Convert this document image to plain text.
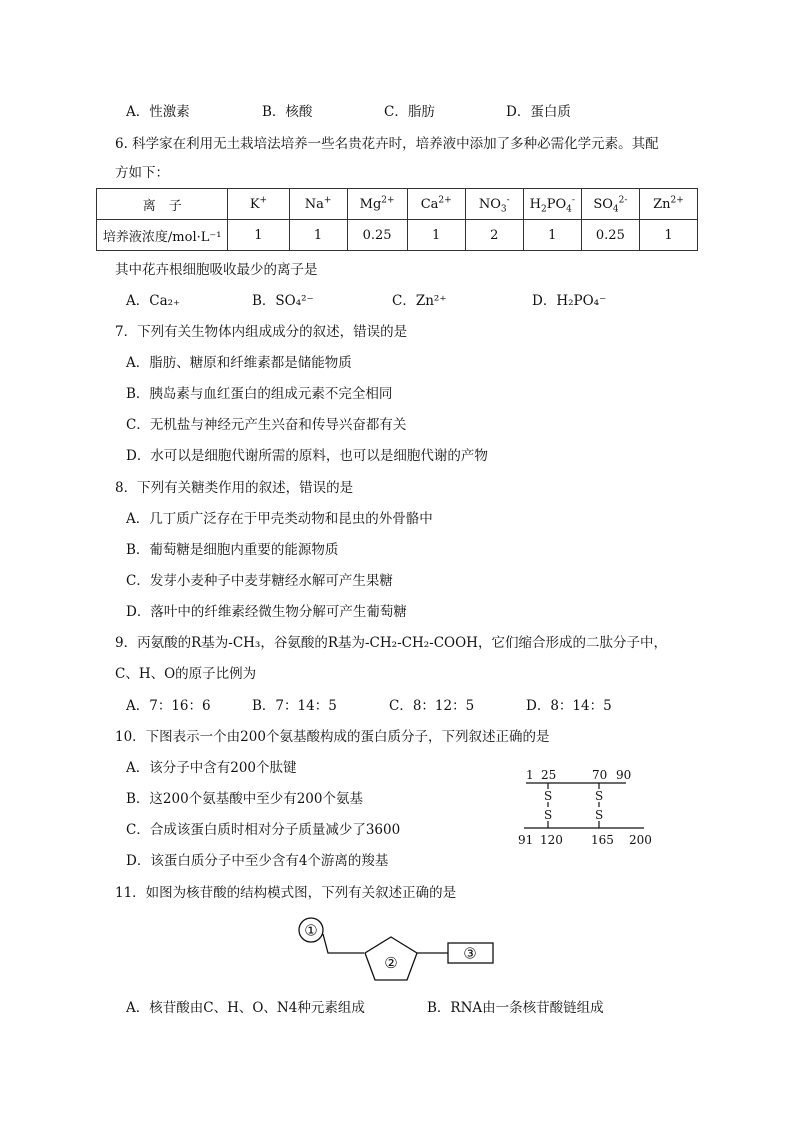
A．性激素	B．核酸	C．脂肪	D．蛋白质
6. 科学家在利用无土栽培法培养一些名贵花卉时，培养液中添加了多种必需化学元素。其配
方如下：
离　子	K+	Na+	$Mg^{2+}$	$Ca^{2+}$	$NO_3^-$	$H_2PO_4^-$	$SO_4^{2-}$	$Zn^{2+}$
培养液浓度/mol·L⁻¹	1	1	0.25	1	2	1	0.25	1
其中花卉根细胞吸收最少的离子是
A．Ca₂₊	B．SO₄²⁻	C．Zn²⁺	D．H₂PO₄⁻
7．下列有关生物体内组成成分的叙述，错误的是
A．脂肪、糖原和纤维素都是储能物质
B．胰岛素与血红蛋白的组成元素不完全相同
C．无机盐与神经元产生兴奋和传导兴奋都有关
D．水可以是细胞代谢所需的原料，也可以是细胞代谢的产物
8．下列有关糖类作用的叙述，错误的是
A．几丁质广泛存在于甲壳类动物和昆虫的外骨骼中
B．葡萄糖是细胞内重要的能源物质
C．发芽小麦种子中麦芽糖经水解可产生果糖
D．落叶中的纤维素经微生物分解可产生葡萄糖
9．丙氨酸的R基为-CH₃，谷氨酸的R基为-CH₂-CH₂-COOH，它们缩合形成的二肽分子中，
C、H、O的原子比例为
A．7：16：6	B．7：14：5	C．8：12：5	D．8：14：5
10．下图表示一个由200个氨基酸构成的蛋白质分子，下列叙述正确的是
A．该分子中含有200个肽键
B．这200个氨基酸中至少有200个氨基
C．合成该蛋白质时相对分子质量减少了3600
D．该蛋白质分子中至少含有4个游离的羧基
1 25	70 90
S	S
S	S
91 120 165 200
11．如图为核苷酸的结构模式图，下列有关叙述正确的是
①
②
③
A．核苷酸由C、H、O、N4种元素组成	B．RNA由一条核苷酸链组成
